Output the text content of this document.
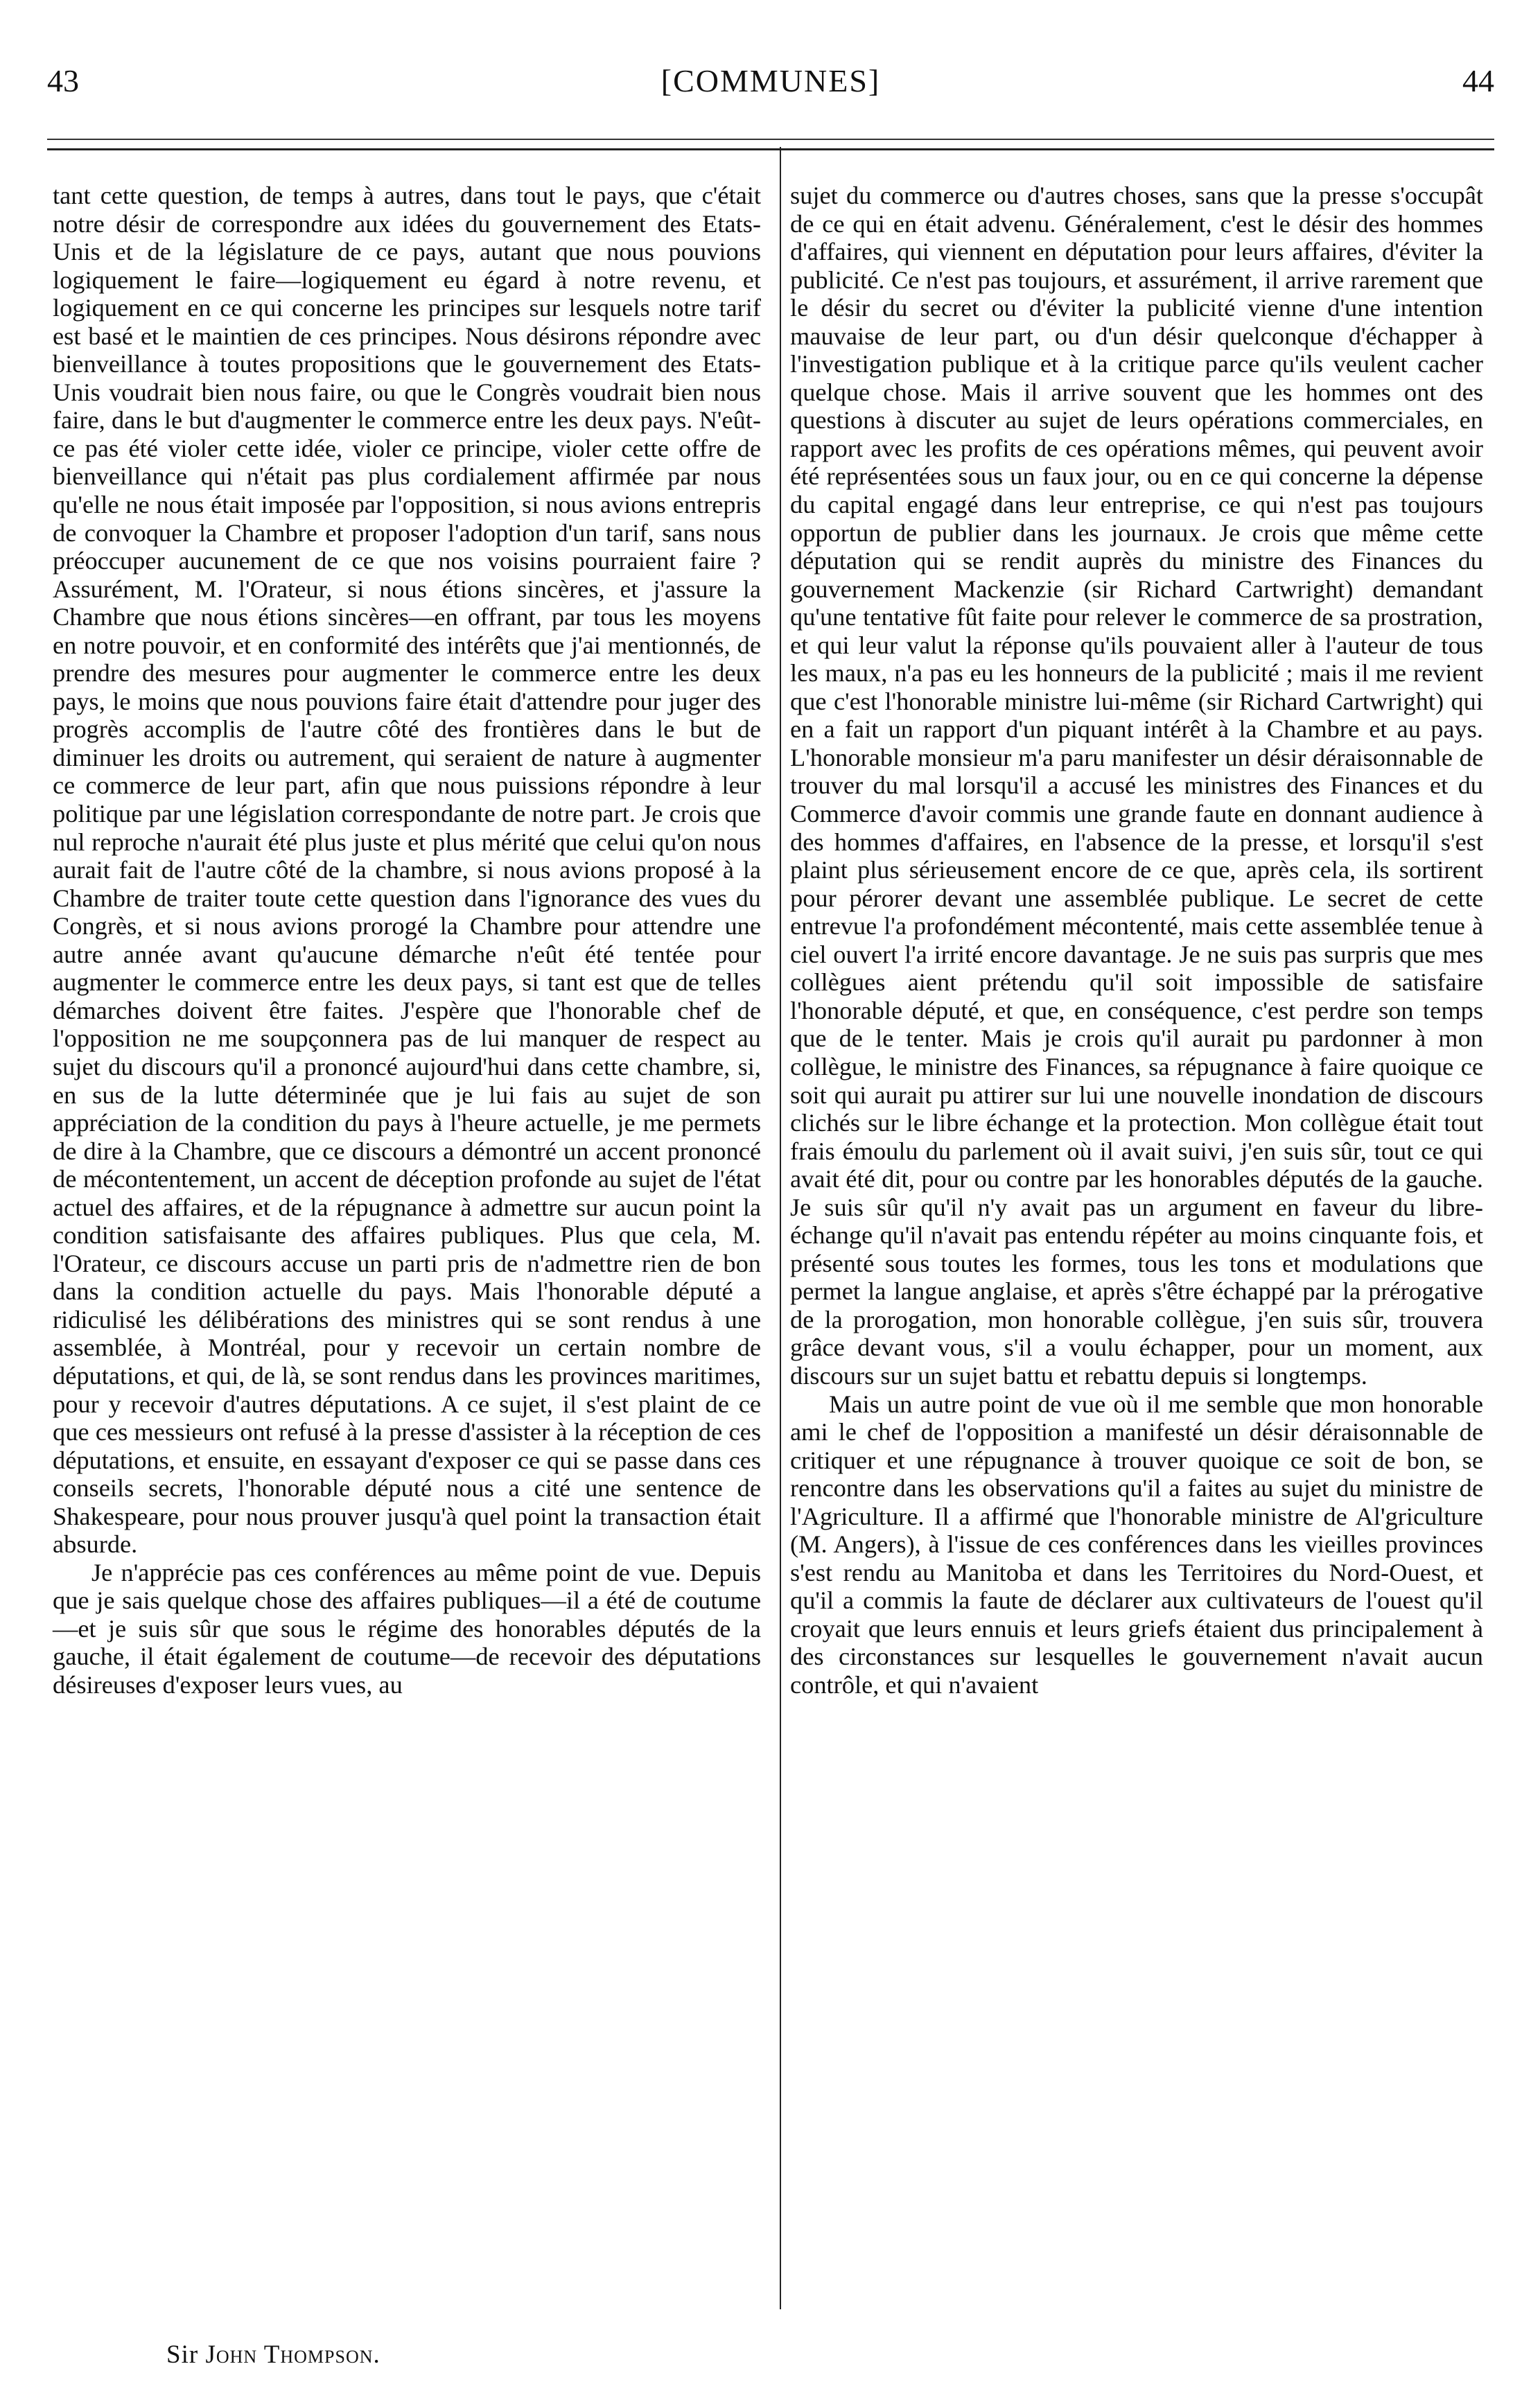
43	[COMMUNES]	44

tant cette question, de temps à autres, dans tout le pays, que c'était notre désir de correspondre aux idées du gouvernement des Etats-Unis et de la législature de ce pays, autant que nous pouvions logiquement le faire—logiquement eu égard à notre revenu, et logiquement en ce qui concerne les principes sur lesquels notre tarif est basé et le maintien de ces principes. Nous désirons répondre avec bienveillance à toutes propositions que le gouvernement des Etats-Unis voudrait bien nous faire, ou que le Congrès voudrait bien nous faire, dans le but d'augmenter le commerce entre les deux pays. N'eût-ce pas été violer cette idée, violer ce principe, violer cette offre de bienveillance qui n'était pas plus cordialement affirmée par nous qu'elle ne nous était imposée par l'opposition, si nous avions entrepris de convoquer la Chambre et proposer l'adoption d'un tarif, sans nous préoccuper aucunement de ce que nos voisins pourraient faire ? Assurément, M. l'Orateur, si nous étions sincères, et j'assure la Chambre que nous étions sincères—en offrant, par tous les moyens en notre pouvoir, et en conformité des intérêts que j'ai mentionnés, de prendre des mesures pour augmenter le commerce entre les deux pays, le moins que nous pouvions faire était d'attendre pour juger des progrès accomplis de l'autre côté des frontières dans le but de diminuer les droits ou autrement, qui seraient de nature à augmenter ce commerce de leur part, afin que nous puissions répondre à leur politique par une législation correspondante de notre part. Je crois que nul reproche n'aurait été plus juste et plus mérité que celui qu'on nous aurait fait de l'autre côté de la chambre, si nous avions proposé à la Chambre de traiter toute cette question dans l'ignorance des vues du Congrès, et si nous avions prorogé la Chambre pour attendre une autre année avant qu'aucune démarche n'eût été tentée pour augmenter le commerce entre les deux pays, si tant est que de telles démarches doivent être faites. J'espère que l'honorable chef de l'opposition ne me soupçonnera pas de lui manquer de respect au sujet du discours qu'il a prononcé aujourd'hui dans cette chambre, si, en sus de la lutte déterminée que je lui fais au sujet de son appréciation de la condition du pays à l'heure actuelle, je me permets de dire à la Chambre, que ce discours a démontré un accent prononcé de mécontentement, un accent de déception profonde au sujet de l'état actuel des affaires, et de la répugnance à admettre sur aucun point la condition satisfaisante des affaires publiques. Plus que cela, M. l'Orateur, ce discours accuse un parti pris de n'admettre rien de bon dans la condition actuelle du pays. Mais l'honorable député a ridiculisé les délibérations des ministres qui se sont rendus à une assemblée, à Montréal, pour y recevoir un certain nombre de députations, et qui, de là, se sont rendus dans les provinces maritimes, pour y recevoir d'autres députations. A ce sujet, il s'est plaint de ce que ces messieurs ont refusé à la presse d'assister à la réception de ces députations, et ensuite, en essayant d'exposer ce qui se passe dans ces conseils secrets, l'honorable député nous a cité une sentence de Shakespeare, pour nous prouver jusqu'à quel point la transaction était absurde.

Je n'apprécie pas ces conférences au même point de vue. Depuis que je sais quelque chose des affaires publiques—il a été de coutume—et je suis sûr que sous le régime des honorables députés de la gauche, il était également de coutume—de recevoir des députations désireuses d'exposer leurs vues, au

Sir John Thompson.

sujet du commerce ou d'autres choses, sans que la presse s'occupât de ce qui en était advenu. Généralement, c'est le désir des hommes d'affaires, qui viennent en députation pour leurs affaires, d'éviter la publicité. Ce n'est pas toujours, et assurément, il arrive rarement que le désir du secret ou d'éviter la publicité vienne d'une intention mauvaise de leur part, ou d'un désir quelconque d'échapper à l'investigation publique et à la critique parce qu'ils veulent cacher quelque chose. Mais il arrive souvent que les hommes ont des questions à discuter au sujet de leurs opérations commerciales, en rapport avec les profits de ces opérations mêmes, qui peuvent avoir été représentées sous un faux jour, ou en ce qui concerne la dépense du capital engagé dans leur entreprise, ce qui n'est pas toujours opportun de publier dans les journaux. Je crois que même cette députation qui se rendit auprès du ministre des Finances du gouvernement Mackenzie (sir Richard Cartwright) demandant qu'une tentative fût faite pour relever le commerce de sa prostration, et qui leur valut la réponse qu'ils pouvaient aller à l'auteur de tous les maux, n'a pas eu les honneurs de la publicité ; mais il me revient que c'est l'honorable ministre lui-même (sir Richard Cartwright) qui en a fait un rapport d'un piquant intérêt à la Chambre et au pays. L'honorable monsieur m'a paru manifester un désir déraisonnable de trouver du mal lorsqu'il a accusé les ministres des Finances et du Commerce d'avoir commis une grande faute en donnant audience à des hommes d'affaires, en l'absence de la presse, et lorsqu'il s'est plaint plus sérieusement encore de ce que, après cela, ils sortirent pour pérorer devant une assemblée publique. Le secret de cette entrevue l'a profondément mécontenté, mais cette assemblée tenue à ciel ouvert l'a irrité encore davantage. Je ne suis pas surpris que mes collègues aient prétendu qu'il soit impossible de satisfaire l'honorable député, et que, en conséquence, c'est perdre son temps que de le tenter. Mais je crois qu'il aurait pu pardonner à mon collègue, le ministre des Finances, sa répugnance à faire quoique ce soit qui aurait pu attirer sur lui une nouvelle inondation de discours clichés sur le libre échange et la protection. Mon collègue était tout frais émoulu du parlement où il avait suivi, j'en suis sûr, tout ce qui avait été dit, pour ou contre par les honorables députés de la gauche. Je suis sûr qu'il n'y avait pas un argument en faveur du libre-échange qu'il n'avait pas entendu répéter au moins cinquante fois, et présenté sous toutes les formes, tous les tons et modulations que permet la langue anglaise, et après s'être échappé par la prérogative de la prorogation, mon honorable collègue, j'en suis sûr, trouvera grâce devant vous, s'il a voulu échapper, pour un moment, aux discours sur un sujet battu et rebattu depuis si longtemps.

Mais un autre point de vue où il me semble que mon honorable ami le chef de l'opposition a manifesté un désir déraisonnable de critiquer et une répugnance à trouver quoique ce soit de bon, se rencontre dans les observations qu'il a faites au sujet du ministre de l'Agriculture. Il a affirmé que l'honorable ministre de Al'griculture (M. Angers), à l'issue de ces conférences dans les vieilles provinces s'est rendu au Manitoba et dans les Territoires du Nord-Ouest, et qu'il a commis la faute de déclarer aux cultivateurs de l'ouest qu'il croyait que leurs ennuis et leurs griefs étaient dus principalement à des circonstances sur lesquelles le gouvernement n'avait aucun contrôle, et qui n'avaient
